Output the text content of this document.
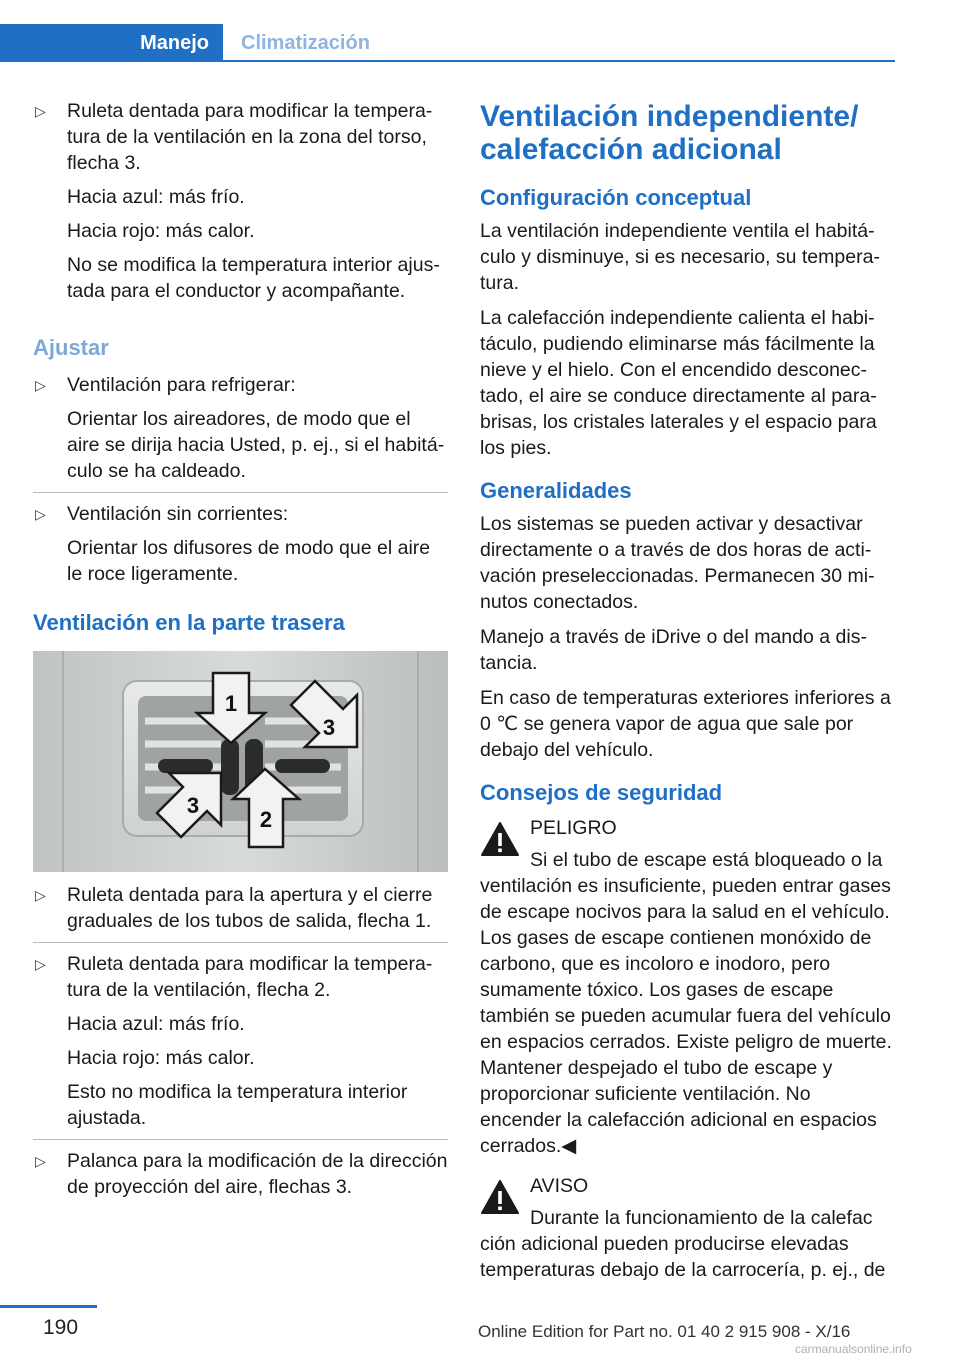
Manejo	Climatización
▷	Ruleta dentada para modificar la temperatura de la ventilación en la zona del torso, flecha 3.

Hacia azul: más frío.

Hacia rojo: más calor.

No se modifica la temperatura interior ajustada para el conductor y acompañante.

Ajustar
▷	Ventilación para refrigerar:

Orientar los aireadores, de modo que el aire se dirija hacia Usted, p. ej., si el habitáculo se ha caldeado.

▷	Ventilación sin corrientes:

Orientar los difusores de modo que el aire le roce ligeramente.

Ventilación en la parte trasera
1
3
2
3
▷	Ruleta dentada para la apertura y el cierre graduales de los tubos de salida, flecha 1.

▷	Ruleta dentada para modificar la temperatura de la ventilación, flecha 2.

Hacia azul: más frío.

Hacia rojo: más calor.

Esto no modifica la temperatura interior ajustada.

▷	Palanca para la modificación de la dirección de proyección del aire, flechas 3.

Ventilación independiente/ calefacción adicional
Configuración conceptual

La ventilación independiente ventila el habitáculo y disminuye, si es necesario, su temperatura.

La calefacción independiente calienta el habitáculo, pudiendo eliminarse más fácilmente la nieve y el hielo. Con el encendido desconectado, el aire se conduce directamente al parabrisas, los cristales laterales y el espacio para los pies.

Generalidades

Los sistemas se pueden activar y desactivar directamente o a través de dos horas de activación preseleccionadas. Permanecen 30 minutos conectados.

Manejo a través de iDrive o del mando a distancia.

En caso de temperaturas exteriores inferiores a 0 ℃ se genera vapor de agua que sale por debajo del vehículo.

Consejos de seguridad
PELIGRO
Si el tubo de escape está bloqueado o la
ventilación es insuficiente, pueden entrar gases de escape nocivos para la salud en el vehículo. Los gases de escape contienen monóxido de carbono, que es incoloro e inodoro, pero sumamente tóxico. Los gases de escape también se pueden acumular fuera del vehículo en espacios cerrados. Existe peligro de muerte. Mantener despejado el tubo de escape y proporcionar suficiente ventilación. No encender la calefacción adicional en espacios cerrados.◀
AVISO
Durante la funcionamiento de la calefac
ción adicional pueden producirse elevadas temperaturas debajo de la carrocería, p. ej., de
190	Online Edition for Part no. 01 40 2 915 908 - X/16
carmanualsonline.info
